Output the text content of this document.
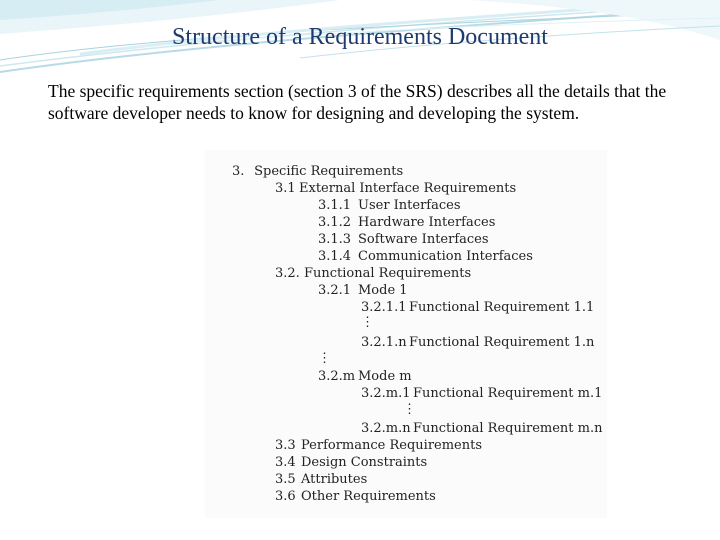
Structure of a Requirements Document
The specific requirements section (section 3 of the SRS) describes all the details that the software developer needs to know for designing and developing the system.
3. Specific Requirements
3.1 External Interface Requirements
3.1.1 User Interfaces
3.1.2 Hardware Interfaces
3.1.3 Software Interfaces
3.1.4 Communication Interfaces
3.2. Functional Requirements
3.2.1 Mode 1
3.2.1.1 Functional Requirement 1.1
⋮
3.2.1.n Functional Requirement 1.n
⋮
3.2.m Mode m
3.2.m.1 Functional Requirement m.1
⋮
3.2.m.n Functional Requirement m.n
3.3 Performance Requirements
3.4 Design Constraints
3.5 Attributes
3.6 Other Requirements
